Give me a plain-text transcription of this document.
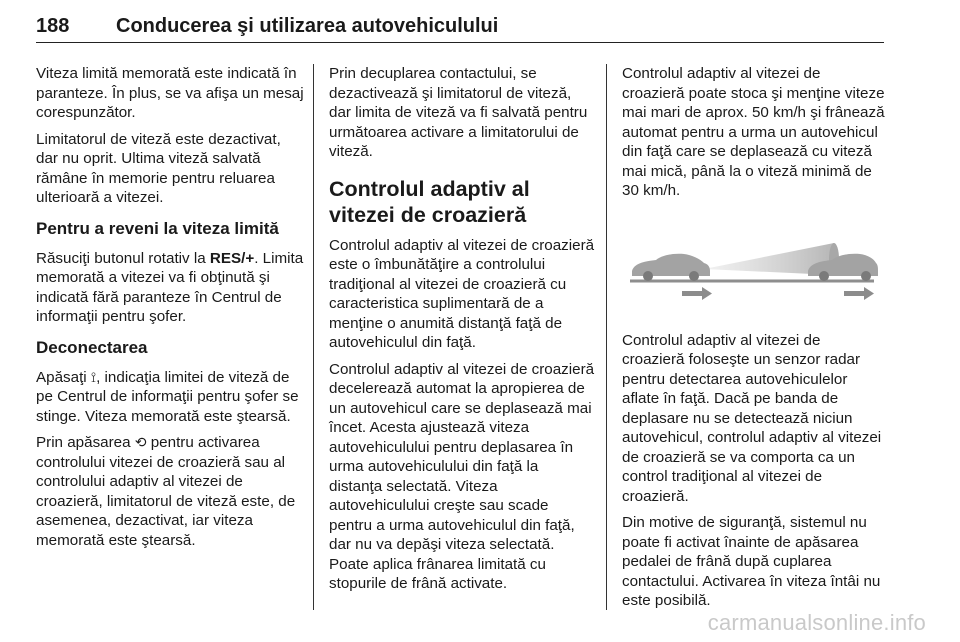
188 Conducerea şi utilizarea autovehiculului

Viteza limită memorată este indicată în paranteze. În plus, se va afişa un mesaj corespunzător.

Limitatorul de viteză este dezactivat, dar nu oprit. Ultima viteză salvată rămâne în memorie pentru reluarea ulterioară a vitezei.

Pentru a reveni la viteza limită

Răsuciţi butonul rotativ la RES/+. Limita memorată a vitezei va fi obţinută şi indicată fără paranteze în Centrul de informaţii pentru şofer.

Deconectarea

Apăsaţi ⟟, indicaţia limitei de viteză de pe Centrul de informaţii pentru şofer se stinge. Viteza memorată este ştearsă.

Prin apăsarea ⟲ pentru activarea controlului vitezei de croazieră sau al controlului adaptiv al vitezei de croazieră, limitatorul de viteză este, de asemenea, dezactivat, iar viteza memorată este ştearsă.

Prin decuplarea contactului, se dezactivează şi limitatorul de viteză, dar limita de viteză va fi salvată pentru următoarea activare a limitatorului de viteză.

Controlul adaptiv al vitezei de croazieră

Controlul adaptiv al vitezei de croazieră este o îmbunătăţire a controlului tradiţional al vitezei de croazieră cu caracteristica suplimentară de a menţine o anumită distanţă faţă de autovehiculul din faţă.

Controlul adaptiv al vitezei de croazieră decelerează automat la apropierea de un autovehicul care se deplasează mai încet. Acesta ajustează viteza autovehiculului pentru deplasarea în urma autovehiculului din faţă la distanţa selectată. Viteza autovehiculului creşte sau scade pentru a urma autovehiculul din faţă, dar nu va depăşi viteza selectată. Poate aplica frânarea limitată cu stopurile de frână activate.

Controlul adaptiv al vitezei de croazieră poate stoca şi menţine viteze mai mari de aprox. 50 km/h şi frânează automat pentru a urma un autovehicul din faţă care se deplasează cu viteză mai mică, până la o viteză minimă de 30 km/h.

Controlul adaptiv al vitezei de croazieră foloseşte un senzor radar pentru detectarea autovehiculelor aflate în faţă. Dacă pe banda de deplasare nu se detectează niciun autovehicul, controlul adaptiv al vitezei de croazieră se va comporta ca un control tradiţional al vitezei de croazieră.

Din motive de siguranţă, sistemul nu poate fi activat înainte de apăsarea pedalei de frână după cuplarea contactului. Activarea în viteza întâi nu este posibilă.

carmanualsonline.info
